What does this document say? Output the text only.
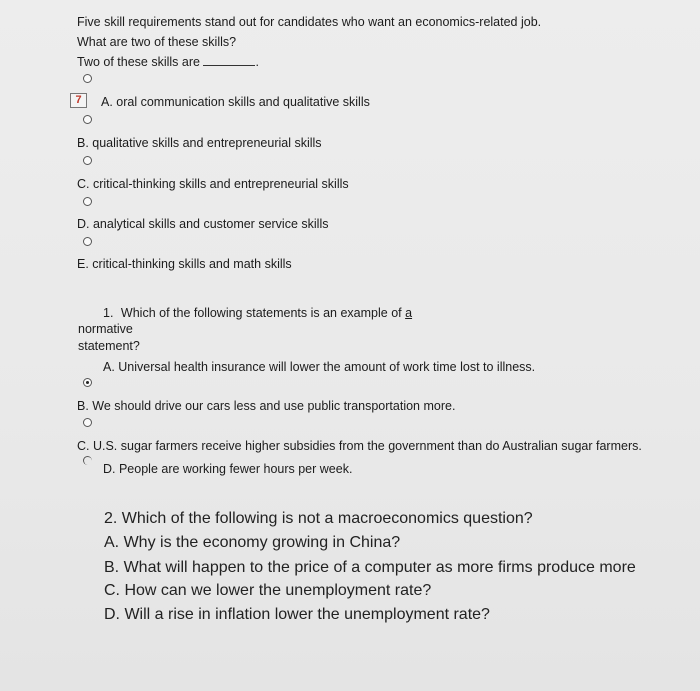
Five skill requirements stand out for candidates who want an economics-related job.
What are two of these skills?
Two of these skills are	.
7	A. oral communication skills and qualitative skills
B. qualitative skills and entrepreneurial skills
C. critical-thinking skills and entrepreneurial skills
D. analytical skills and customer service skills
E. critical-thinking skills and math skills
1. Which of the following statements is an example of a
normative
statement?
A. Universal health insurance will lower the amount of work time lost to illness.
B. We should drive our cars less and use public transportation more.
C. U.S. sugar farmers receive higher subsidies from the government than do Australian sugar farmers.
D. People are working fewer hours per week.
2. Which of the following is not a macroeconomics question?
A. Why is the economy growing in China?
B. What will happen to the price of a computer as more firms produce more
C. How can we lower the unemployment rate?
D. Will a rise in inflation lower the unemployment rate?
